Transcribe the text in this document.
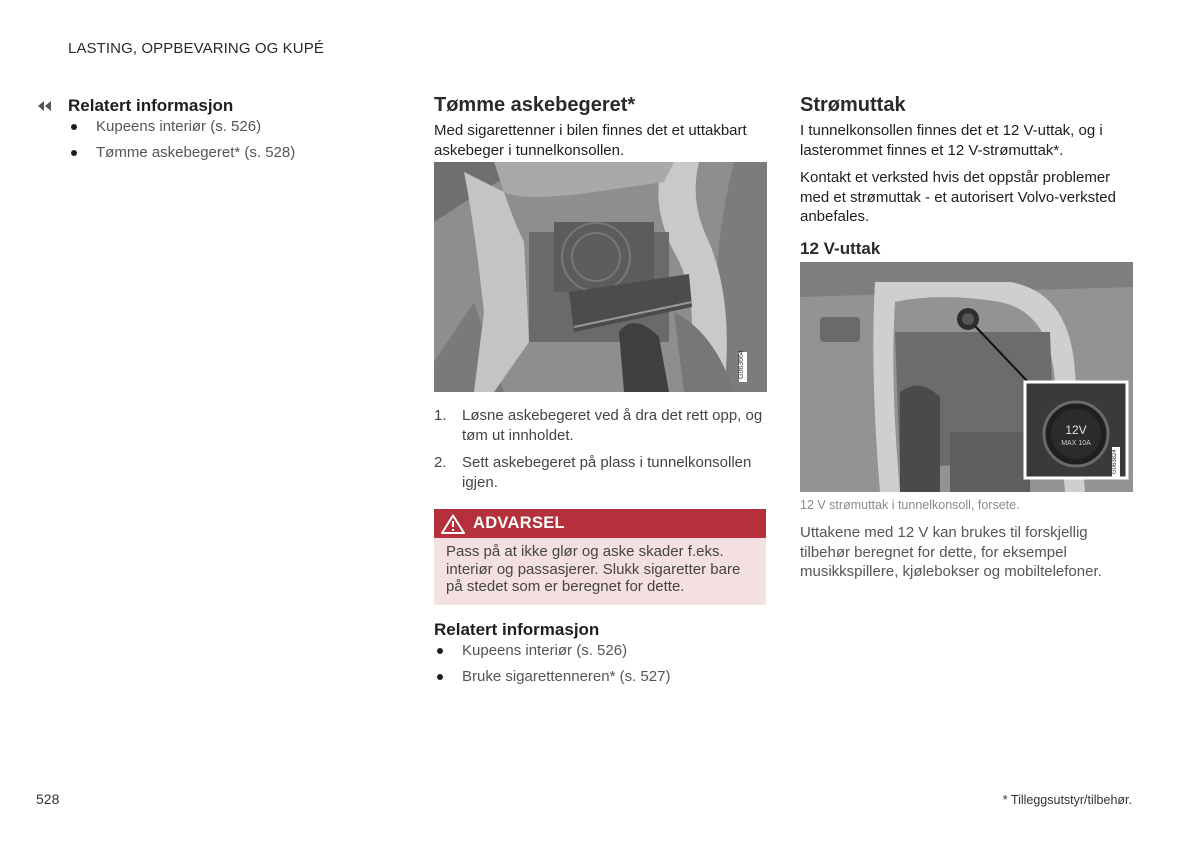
LASTING, OPPBEVARING OG KUPÉ
Relatert informasjon
Kupeens interiør (s. 526)
Tømme askebegeret* (s. 528)
Tømme askebegeret*
Med sigarettenner i bilen finnes det et uttakbart askebeger i tunnelkonsollen.
G063664
1.	Løsne askebegeret ved å dra det rett opp, og tøm ut innholdet.
2.	Sett askebegeret på plass i tunnelkonsollen igjen.
ADVARSEL
Pass på at ikke glør og aske skader f.eks. interiør og passasjerer. Slukk sigaretter bare på stedet som er beregnet for dette.
Relatert informasjon
Kupeens interiør (s. 526)
Bruke sigarettenneren* (s. 527)
Strømuttak
I tunnelkonsollen finnes det et 12 V-uttak, og i lasterommet finnes et 12 V-strømuttak*.
Kontakt et verksted hvis det oppstår problemer med et strømuttak - et autorisert Volvo-verksted anbefales.
12 V-uttak
12V
MAX 10A
G063824
12 V strømuttak i tunnelkonsoll, forsete.
Uttakene med 12 V kan brukes til forskjellig tilbehør beregnet for dette, for eksempel musikkspillere, kjølebokser og mobiltelefoner.
528	* Tilleggsutstyr/tilbehør.
